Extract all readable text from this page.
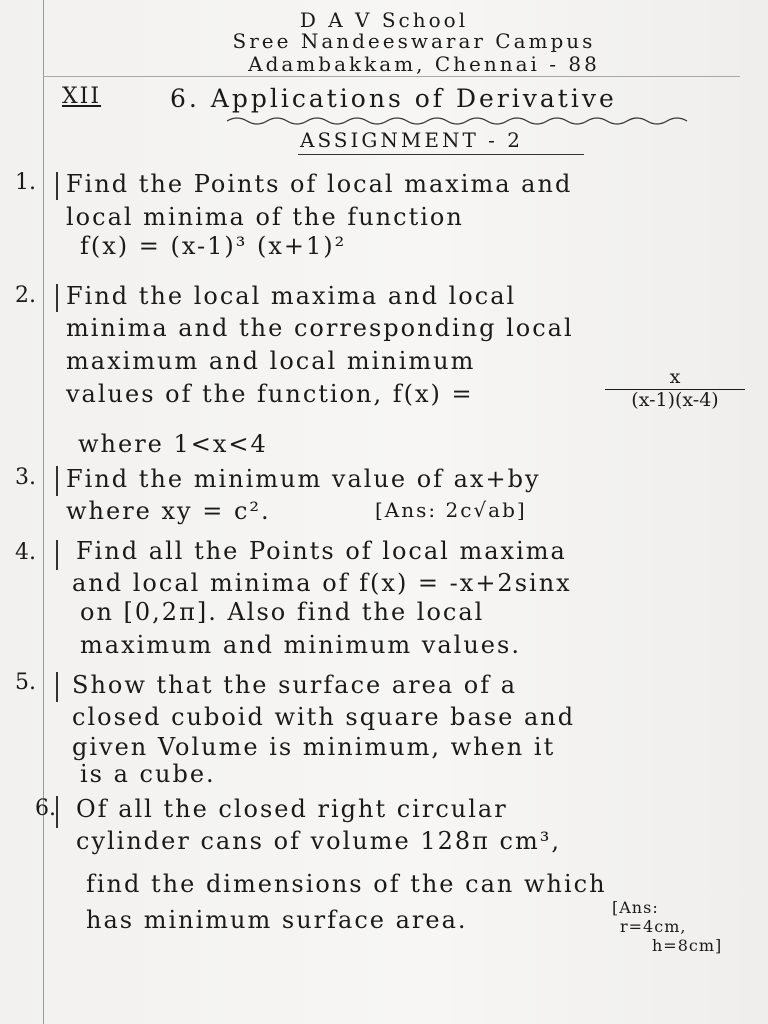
D A V School
Sree Nandeeswarar Campus
Adambakkam, Chennai - 88
XII	6. Applications of Derivative
ASSIGNMENT - 2
1. Find the Points of local maxima and
local minima of the function
f(x) = (x-1)³ (x+1)²
2. Find the local maxima and local
minima and the corresponding local
maximum and local minimum
values of the function, f(x) =	$\frac{x}{(x-1)(x-4)}$
where 1<x<4
3. Find the minimum value of ax+by
where xy = c².	[Ans: 2c√ab]
4. Find all the Points of local maxima
and local minima of f(x) = -x+2sinx
on [0,2π]. Also find the local
maximum and minimum values.
5. Show that the surface area of a
closed cuboid with square base and
given Volume is minimum, when it
is a cube.
6. Of all the closed right circular
cylinder cans of volume 128π cm³,
find the dimensions of the can which
has minimum surface area.	[Ans:
r=4cm,
h=8cm]
